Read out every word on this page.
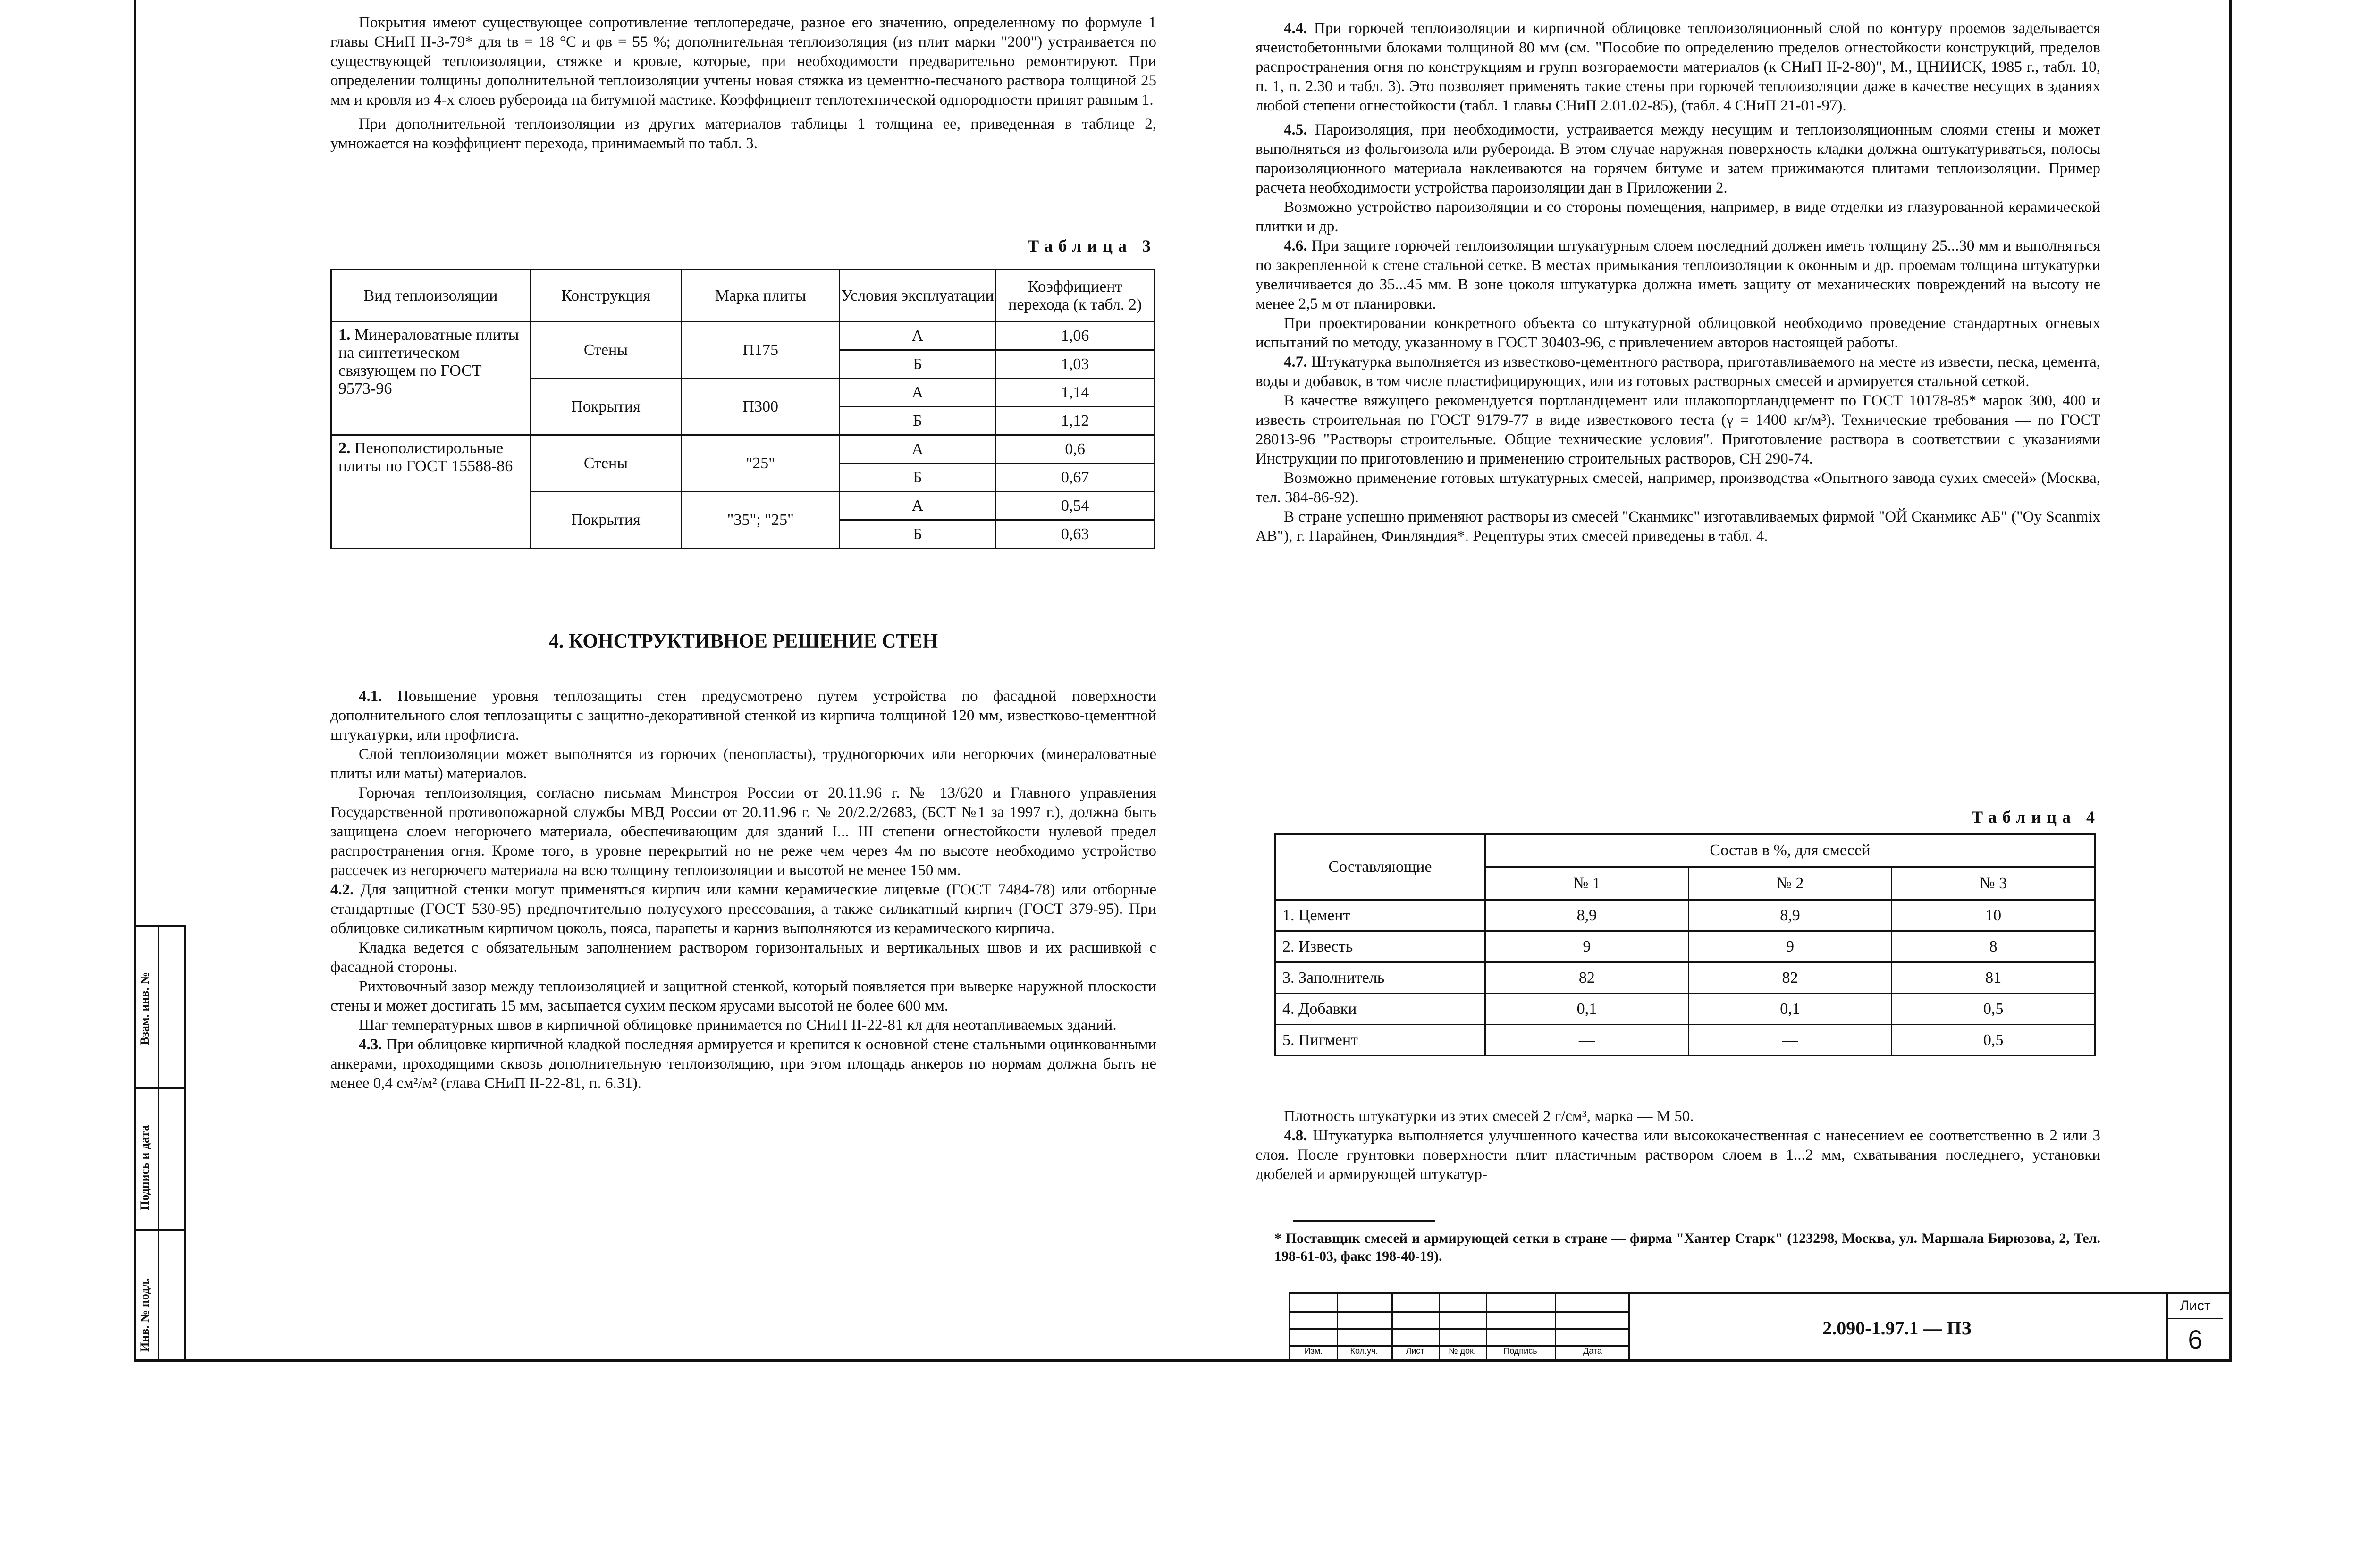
Покрытия имеют существующее сопротивление теплопередаче, разное его значению, определенному по формуле 1 главы СНиП II-3-79* для tв = 18 °С и φв = 55 %; дополнительная теплоизоляция (из плит марки "200") устраивается по существующей теплоизоляции, стяжке и кровле, которые, при необходимости предварительно ремонтируют. При определении толщины дополнительной теплоизоляции учтены новая стяжка из цементно-песчаного раствора толщиной 25 мм и кровля из 4-х слоев рубероида на битумной мастике. Коэффициент теплотехнической однородности принят равным 1.

При дополнительной теплоизоляции из других материалов таблицы 1 толщина ее, приведенная в таблице 2, умножается на коэффициент перехода, принимаемый по табл. 3.

Таблица 3
Вид теплоизоляции	Конструкция	Марка плиты	Условия эксплуатации	Коэффициент перехода (к табл. 2)
1. Минераловатные плиты на синтетическом связующем по ГОСТ 9573-96	Стены	П175	А	1,06
			Б	1,03
	Покрытия	П300	А	1,14
			Б	1,12
2. Пенополистирольные плиты по ГОСТ 15588-86	Стены	"25"	А	0,6
			Б	0,67
	Покрытия	"35"; "25"	А	0,54
			Б	0,63
4. КОНСТРУКТИВНОЕ РЕШЕНИЕ СТЕН

4.1. Повышение уровня теплозащиты стен предусмотрено путем устройства по фасадной поверхности дополнительного слоя теплозащиты с защитно-декоративной стенкой из кирпича толщиной 120 мм, известково-цементной штукатурки, или профлиста.

Слой теплоизоляции может выполнятся из горючих (пенопласты), трудногорючих или негорючих (минераловатные плиты или маты) материалов.

Горючая теплоизоляция, согласно письмам Минстроя России от 20.11.96 г. № 13/620 и Главного управления Государственной противопожарной службы МВД России от 20.11.96 г. № 20/2.2/2683, (БСТ №1 за 1997 г.), должна быть защищена слоем негорючего материала, обеспечивающим для зданий I... III степени огнестойкости нулевой предел распространения огня. Кроме того, в уровне перекрытий но не реже чем через 4м по высоте необходимо устройство рассечек из негорючего материала на всю толщину теплоизоляции и высотой не менее 150 мм.

4.2. Для защитной стенки могут применяться кирпич или камни керамические лицевые (ГОСТ 7484-78) или отборные стандартные (ГОСТ 530-95) предпочтительно полусухого прессования, а также силикатный кирпич (ГОСТ 379-95). При облицовке силикатным кирпичом цоколь, пояса, парапеты и карниз выполняются из керамического кирпича.

Кладка ведется с обязательным заполнением раствором горизонтальных и вертикальных швов и их расшивкой с фасадной стороны.

Рихтовочный зазор между теплоизоляцией и защитной стенкой, который появляется при выверке наружной плоскости стены и может достигать 15 мм, засыпается сухим песком ярусами высотой не более 600 мм.

Шаг температурных швов в кирпичной облицовке принимается по СНиП II-22-81 кл для неотапливаемых зданий.

4.3. При облицовке кирпичной кладкой последняя армируется и крепится к основной стене стальными оцинкованными анкерами, проходящими сквозь дополнительную теплоизоляцию, при этом площадь анкеров по нормам должна быть не менее 0,4 см²/м² (глава СНиП II-22-81, п. 6.31).

4.4. При горючей теплоизоляции и кирпичной облицовке теплоизоляционный слой по контуру проемов заделывается ячеистобетонными блоками толщиной 80 мм (см. "Пособие по определению пределов огнестойкости конструкций, пределов распространения огня по конструкциям и групп возгораемости материалов (к СНиП II-2-80)", М., ЦНИИСК, 1985 г., табл. 10, п. 1, п. 2.30 и табл. 3). Это позволяет применять такие стены при горючей теплоизоляции даже в качестве несущих в зданиях любой степени огнестойкости (табл. 1 главы СНиП 2.01.02-85), (табл. 4 СНиП 21-01-97).

4.5. Пароизоляция, при необходимости, устраивается между несущим и теплоизоляционным слоями стены и может выполняться из фольгоизола или рубероида. В этом случае наружная поверхность кладки должна оштукатуриваться, полосы пароизоляционного материала наклеиваются на горячем битуме и затем прижимаются плитами теплоизоляции. Пример расчета необходимости устройства пароизоляции дан в Приложении 2.

Возможно устройство пароизоляции и со стороны помещения, например, в виде отделки из глазурованной керамической плитки и др.

4.6. При защите горючей теплоизоляции штукатурным слоем последний должен иметь толщину 25...30 мм и выполняться по закрепленной к стене стальной сетке. В местах примыкания теплоизоляции к оконным и др. проемам толщина штукатурки увеличивается до 35...45 мм. В зоне цоколя штукатурка должна иметь защиту от механических повреждений на высоту не менее 2,5 м от планировки.

При проектировании конкретного объекта со штукатурной облицовкой необходимо проведение стандартных огневых испытаний по методу, указанному в ГОСТ 30403-96, с привлечением авторов настоящей работы.

4.7. Штукатурка выполняется из известково-цементного раствора, приготавливаемого на месте из извести, песка, цемента, воды и добавок, в том числе пластифицирующих, или из готовых растворных смесей и армируется стальной сеткой.

В качестве вяжущего рекомендуется портландцемент или шлакопортландцемент по ГОСТ 10178-85* марок 300, 400 и известь строительная по ГОСТ 9179-77 в виде известкового теста (γ = 1400 кг/м³). Технические требования — по ГОСТ 28013-96 "Растворы строительные. Общие технические условия". Приготовление раствора в соответствии с указаниями Инструкции по приготовлению и применению строительных растворов, СН 290-74.

Возможно применение готовых штукатурных смесей, например, производства «Опытного завода сухих смесей» (Москва, тел. 384-86-92).

В стране успешно применяют растворы из смесей "Сканмикс" изготавливаемых фирмой "ОЙ Сканмикс АБ" ("Oy Scanmix AB"), г. Парайнен, Финляндия*. Рецептуры этих смесей приведены в табл. 4.

Таблица 4
Составляющие	Состав в %, для смесей		
	№ 1	№ 2	№ 3
1. Цемент	8,9	8,9	10
2. Известь	9	9	8
3. Заполнитель	82	82	81
4. Добавки	0,1	0,1	0,5
5. Пигмент	—	—	0,5

Плотность штукатурки из этих смесей 2 г/см³, марка — М 50.

4.8. Штукатурка выполняется улучшенного качества или высококачественная с нанесением ее соответственно в 2 или 3 слоя. После грунтовки поверхности плит пластичным раствором слоем в 1...2 мм, схватывания последнего, установки дюбелей и армирующей штукатур-

* Поставщик смесей и армирующей сетки в стране — фирма "Хантер Старк" (123298, Москва, ул. Маршала Бирюзова, 2, Тел. 198-61-03, факс 198-40-19).
Изм.	Кол.уч.	Лист	№ док.	Подпись	Дата
2.090-1.97.1 — ПЗ
Лист
6
Взам. инв. №
Подпись и дата
Инв. № подл.
